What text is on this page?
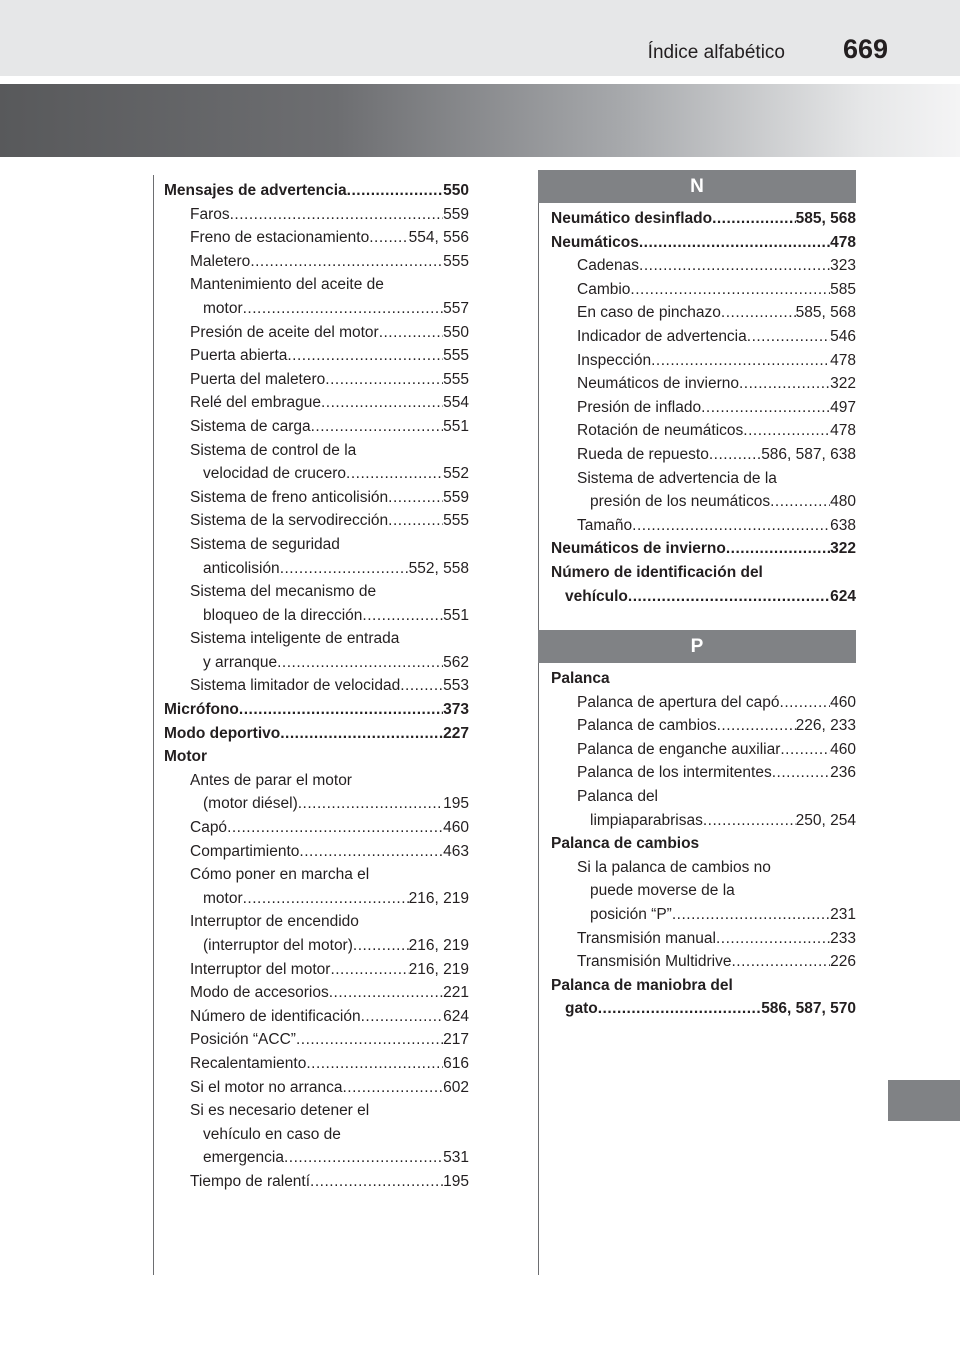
Índice alfabético 669
Mensajes de advertencia .....	550
Faros .....	559
Freno de estacionamiento .....	554, 556
Maletero .....	555
Mantenimiento del aceite de
motor .....	557
Presión de aceite del motor .....	550
Puerta abierta .....	555
Puerta del maletero .....	555
Relé del embrague .....	554
Sistema de carga .....	551
Sistema de control de la
velocidad de crucero .....	552
Sistema de freno anticolisión .....	559
Sistema de la servodirección .....	555
Sistema de seguridad
anticolisión .....	552, 558
Sistema del mecanismo de
bloqueo de la dirección .....	551
Sistema inteligente de entrada
y arranque .....	562
Sistema limitador de velocidad .....	553
Micrófono .....	373
Modo deportivo .....	227
Motor
Antes de parar el motor
(motor diésel) .....	195
Capó .....	460
Compartimiento .....	463
Cómo poner en marcha el
motor .....	216, 219
Interruptor de encendido
(interruptor del motor) .....	216, 219
Interruptor del motor .....	216, 219
Modo de accesorios .....	221
Número de identificación .....	624
Posición “ACC” .....	217
Recalentamiento .....	616
Si el motor no arranca .....	602
Si es necesario detener el
vehículo en caso de
emergencia .....	531
Tiempo de ralentí .....	195
N
Neumático desinflado .....	585, 568
Neumáticos .....	478
Cadenas .....	323
Cambio .....	585
En caso de pinchazo .....	585, 568
Indicador de advertencia .....	546
Inspección .....	478
Neumáticos de invierno .....	322
Presión de inflado .....	497
Rotación de neumáticos .....	478
Rueda de repuesto .....	586, 587, 638
Sistema de advertencia de la
presión de los neumáticos .....	480
Tamaño .....	638
Neumáticos de invierno .....	322
Número de identificación del
vehículo .....	624
P
Palanca
Palanca de apertura del capó .....	460
Palanca de cambios .....	226, 233
Palanca de enganche auxiliar .....	460
Palanca de los intermitentes .....	236
Palanca del
limpiaparabrisas .....	250, 254
Palanca de cambios
Si la palanca de cambios no
puede moverse de la
posición “P” .....	231
Transmisión manual .....	233
Transmisión Multidrive .....	226
Palanca de maniobra del
gato .....	586, 587, 570
